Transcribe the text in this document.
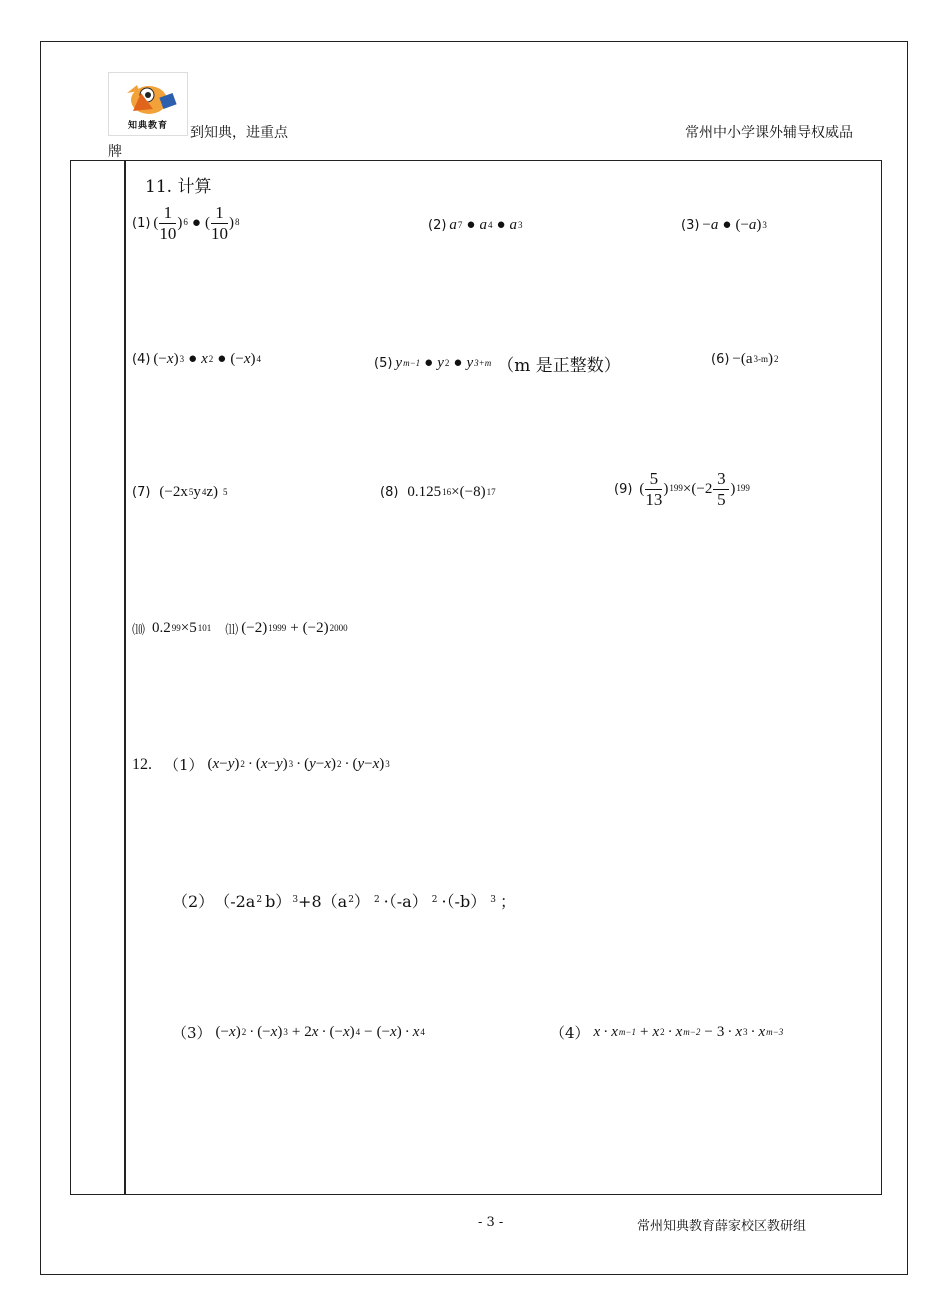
知典教育	到知典，进重点
牌
常州中小学课外辅导权威品
11. 计算
(1) ( $\frac{1}{10}$ ) 6 ● ( $\frac{1}{10}$ ) 8	(2) a 7 ● a 4 ● a 3	(3) − a ● (− a ) 3
(4) (− x ) 3 ● x 2 ● (− x ) 4	(5) y m−1 ● y 2 ● y 3+m （m 是正整数）	(6) −(a 3-m ) 2
(7) (−2x 5 y 4 z) 5	(8) 0.125 16 ×(−8) 17	(9) ( $\frac{5}{13}$ ) $199 \times(-2 \frac{3}{5}$ ) 199
⑽ 0.2 99 ×5 101 ⑾ (−2) 1999 + (−2) 2000
12. （1） ( x − y ) 2 · ( x − y ) 3 · ( y − x ) 2 · ( y − x ) 3
（2） （-2a 2 b） 3 +8（a 2 ） 2 ·（-a） 2 ·（-b） 3 ；
（3） (− x ) 2 · (− x ) 3 + 2 x · (− x ) 4 − (− x ) · x 4	（4） x · x m−1 + x 2 · x m−2 − 3 · x 3 · x m−3
- 3 -	常州知典教育薛家校区教研组
